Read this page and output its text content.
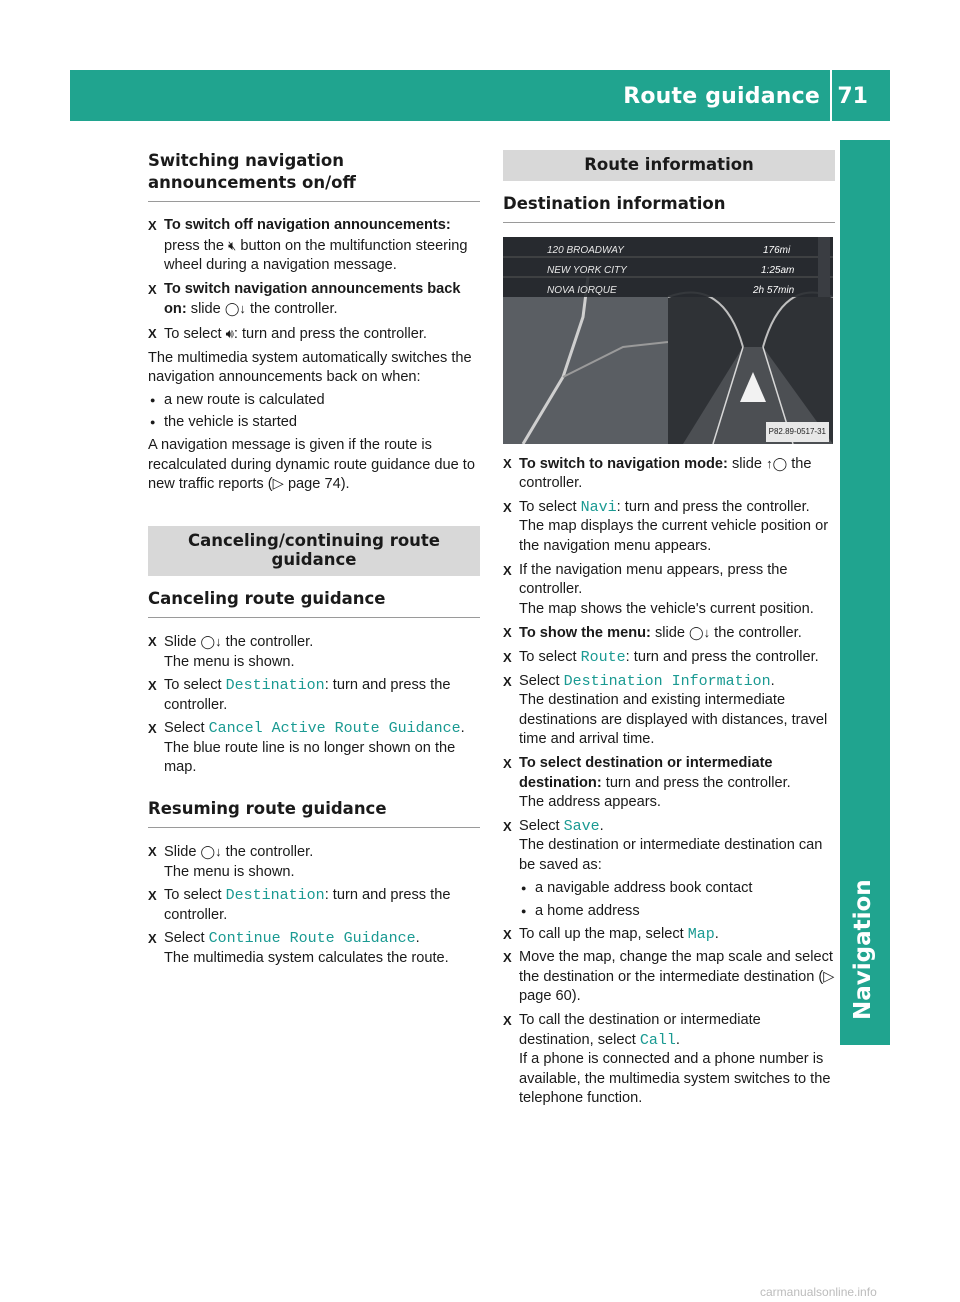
Route guidance 71
Navigation
Switching navigation announcements on/off
X To switch off navigation announcements:
press the 🔇︎ button on the multifunction steering wheel during a navigation message.
X To switch navigation announcements back on: slide ◯↓ the controller.
X To select 🔊︎: turn and press the controller.
The multimedia system automatically switches the navigation announcements back on when:
● a new route is calculated
● the vehicle is started
A navigation message is given if the route is recalculated during dynamic route guidance due to new traffic reports (▷ page 74).
Canceling/continuing route guidance
Canceling route guidance
X Slide ◯↓ the controller.
The menu is shown.
X To select Destination: turn and press the controller.
X Select Cancel Active Route Guidance.
The blue route line is no longer shown on the map.
Resuming route guidance
X Slide ◯↓ the controller.
The menu is shown.
X To select Destination: turn and press the controller.
X Select Continue Route Guidance.
The multimedia system calculates the route.
Route information
Destination information
120 BROADWAY
NEW YORK CITY
NOVA IORQUE
176mi
1:25am
2h 57min
P82.89-0517-31
X To switch to navigation mode: slide ↑◯ the controller.
X To select Navi: turn and press the controller.
The map displays the current vehicle position or the navigation menu appears.
X If the navigation menu appears, press the controller.
The map shows the vehicle's current position.
X To show the menu: slide ◯↓ the controller.
X To select Route: turn and press the controller.
X Select Destination Information.
The destination and existing intermediate destinations are displayed with distances, travel time and arrival time.
X To select destination or intermediate destination: turn and press the controller.
The address appears.
X Select Save.
The destination or intermediate destination can be saved as:
● a navigable address book contact
● a home address
X To call up the map, select Map.
X Move the map, change the map scale and select the destination or the intermediate destination (▷ page 60).
X To call the destination or intermediate destination, select Call.
If a phone is connected and a phone number is available, the multimedia system switches to the telephone function.
carmanualsonline.info
